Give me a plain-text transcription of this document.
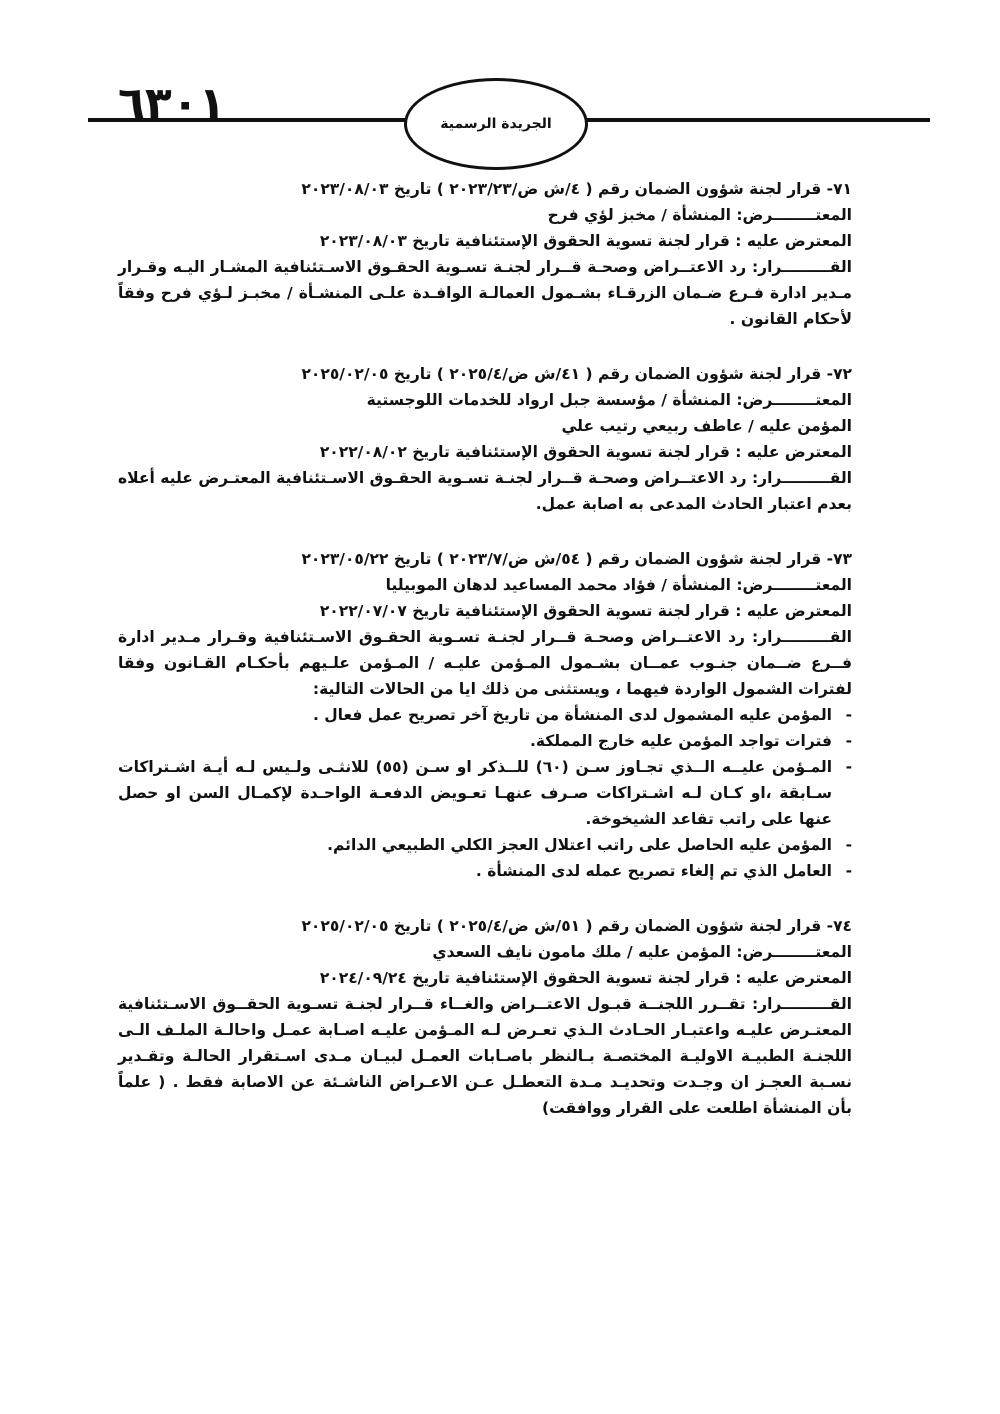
٦٣٠١	الجريدة الرسمية

٧١- قرار لجنة شؤون الضمان رقم ( ٤/ش ض/٢٠٢٣/٢٣ ) تاريخ ٢٠٢٣/٠٨/٠٣

المعتــــــــرض: المنشأة / مخبز لؤي فرح

المعترض عليه : قرار لجنة تسوية الحقوق الإستئنافية تاريخ ٢٠٢٣/٠٨/٠٣

القـــــــــرار: رد الاعتــراض وصحـة قــرار لجنـة تسـوية الحقـوق الاسـتئنافية المشـار اليـه وقـرار مـدير ادارة فـرع ضـمان الزرقـاء بشـمول العمالـة الوافـدة علـى المنشـأة / مخبـز لـؤي فرح وفقاً لأحكام القانون .

٧٢- قرار لجنة شؤون الضمان رقم ( ٤١/ش ض/٢٠٢٥/٤ ) تاريخ ٢٠٢٥/٠٢/٠٥

المعتــــــــرض: المنشأة / مؤسسة جبل ارواد للخدمات اللوجستية

المؤمن عليه / عاطف ربيعي رتيب علي

المعترض عليه : قرار لجنة تسوية الحقوق الإستئنافية تاريخ ٢٠٢٢/٠٨/٠٢

القـــــــــرار: رد الاعتــراض وصحـة قــرار لجنـة تسـوية الحقـوق الاسـتئنافية المعتـرض عليه أعلاه بعدم اعتبار الحادث المدعى به اصابة عمل.

٧٣- قرار لجنة شؤون الضمان رقم ( ٥٤/ش ض/٢٠٢٣/٧ ) تاريخ ٢٠٢٣/٠٥/٢٢

المعتــــــــرض: المنشأة / فؤاد محمد المساعيد لدهان الموبيليا

المعترض عليه : قرار لجنة تسوية الحقوق الإستئنافية تاريخ ٢٠٢٢/٠٧/٠٧

القـــــــــرار: رد الاعتــراض وصحـة قــرار لجنـة تسـوية الحقـوق الاسـتئنافية وقـرار مـدير ادارة فــرع ضــمان جنـوب عمــان بشـمول المـؤمن عليـه / المـؤمن علـيهم بأحكـام القـانون وفقا لفترات الشمول الواردة فيهما ، ويستثنى من ذلك ايا من الحالات التالية:

-
المؤمن عليه المشمول لدى المنشأة من تاريخ آخر تصريح عمل فعال .
-
فترات تواجد المؤمن عليه خارج المملكة.
-
المـؤمن عليــه الــذي تجـاوز سـن (٦٠) للــذكر او سـن (٥٥) للانثـى ولـيس لـه أيـة اشـتراكات سـابقة ،او كـان لـه اشـتراكات صـرف عنهـا تعـويض الدفعـة الواحـدة لإكمـال السن او حصل عنها على راتب تقاعد الشيخوخة.
-
المؤمن عليه الحاصل على راتب اعتلال العجز الكلي الطبيعي الدائم.
-
العامل الذي تم إلغاء تصريح عمله لدى المنشأة .

٧٤- قرار لجنة شؤون الضمان رقم ( ٥١/ش ض/٢٠٢٥/٤ ) تاريخ ٢٠٢٥/٠٢/٠٥

المعتــــــــرض: المؤمن عليه / ملك مامون نايف السعدي

المعترض عليه : قرار لجنة تسوية الحقوق الإستئنافية تاريخ ٢٠٢٤/٠٩/٢٤

القـــــــــرار: تقــرر اللجنــة قبـول الاعتــراض والغــاء قــرار لجنـة تسـوية الحقــوق الاسـتئنافية المعتـرض عليـه واعتبـار الحـادث الـذي تعـرض لـه المـؤمن عليـه اصـابة عمـل واحالـة الملـف الـى اللجنـة الطبيـة الاوليـة المختصـة بـالنظر باصـابات العمـل لبيـان مـدى اسـتقرار الحالـة وتقـدير نسـبة العجـز ان وجـدت وتحديـد مـدة التعطـل عـن الاعـراض الناشـئة عن الاصابة فقط . ( علماً بأن المنشأة اطلعت على القرار ووافقت)
